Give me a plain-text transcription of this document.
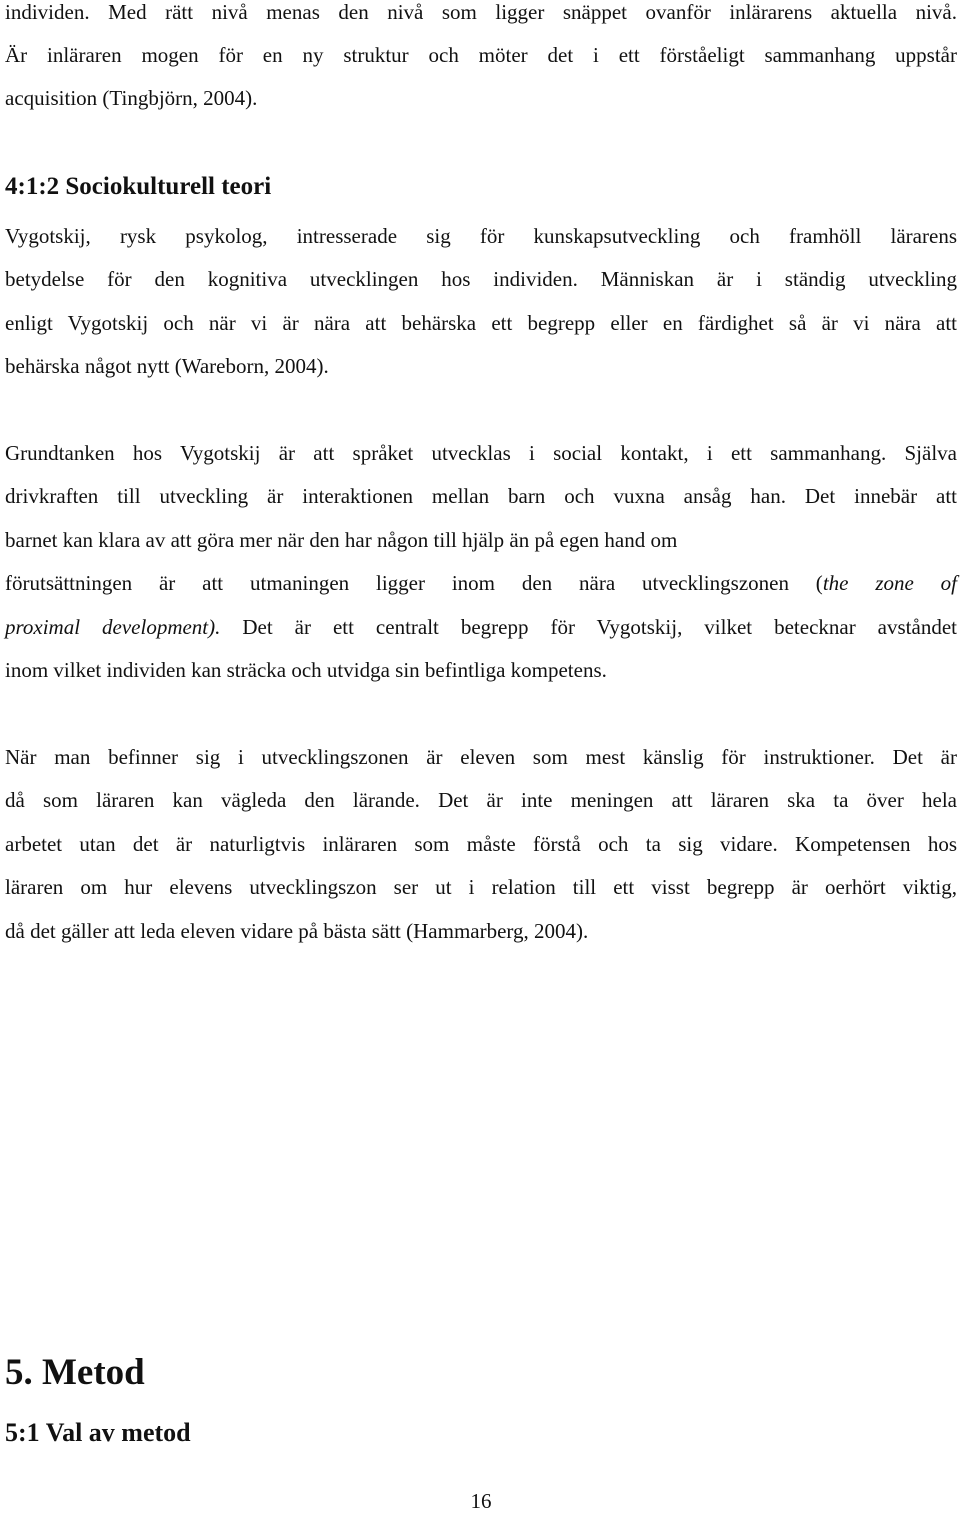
individen. Med rätt nivå menas den nivå som ligger snäppet ovanför inlärarens aktuella nivå.
Är inläraren mogen för en ny struktur och möter det i ett förståeligt sammanhang uppstår
acquisition (Tingbjörn, 2004).
4:1:2 Sociokulturell teori
Vygotskij, rysk psykolog, intresserade sig för kunskapsutveckling och framhöll lärarens
betydelse för den kognitiva utvecklingen hos individen. Människan är i ständig utveckling
enligt Vygotskij och när vi är nära att behärska ett begrepp eller en färdighet så är vi nära att
behärska något nytt (Wareborn, 2004).
Grundtanken hos Vygotskij är att språket utvecklas i social kontakt, i ett sammanhang. Själva
drivkraften till utveckling är interaktionen mellan barn och vuxna ansåg han. Det innebär att
barnet kan klara av att göra mer när den har någon till hjälp än på egen hand om
förutsättningen är att utmaningen ligger inom den nära utvecklingszonen (the zone of
proximal development). Det är ett centralt begrepp för Vygotskij, vilket betecknar avståndet
inom vilket individen kan sträcka och utvidga sin befintliga kompetens.
När man befinner sig i utvecklingszonen är eleven som mest känslig för instruktioner. Det är
då som läraren kan vägleda den lärande. Det är inte meningen att läraren ska ta över hela
arbetet utan det är naturligtvis inläraren som måste förstå och ta sig vidare. Kompetensen hos
läraren om hur elevens utvecklingszon ser ut i relation till ett visst begrepp är oerhört viktig,
då det gäller att leda eleven vidare på bästa sätt (Hammarberg, 2004).
5. Metod
5:1 Val av metod
16
